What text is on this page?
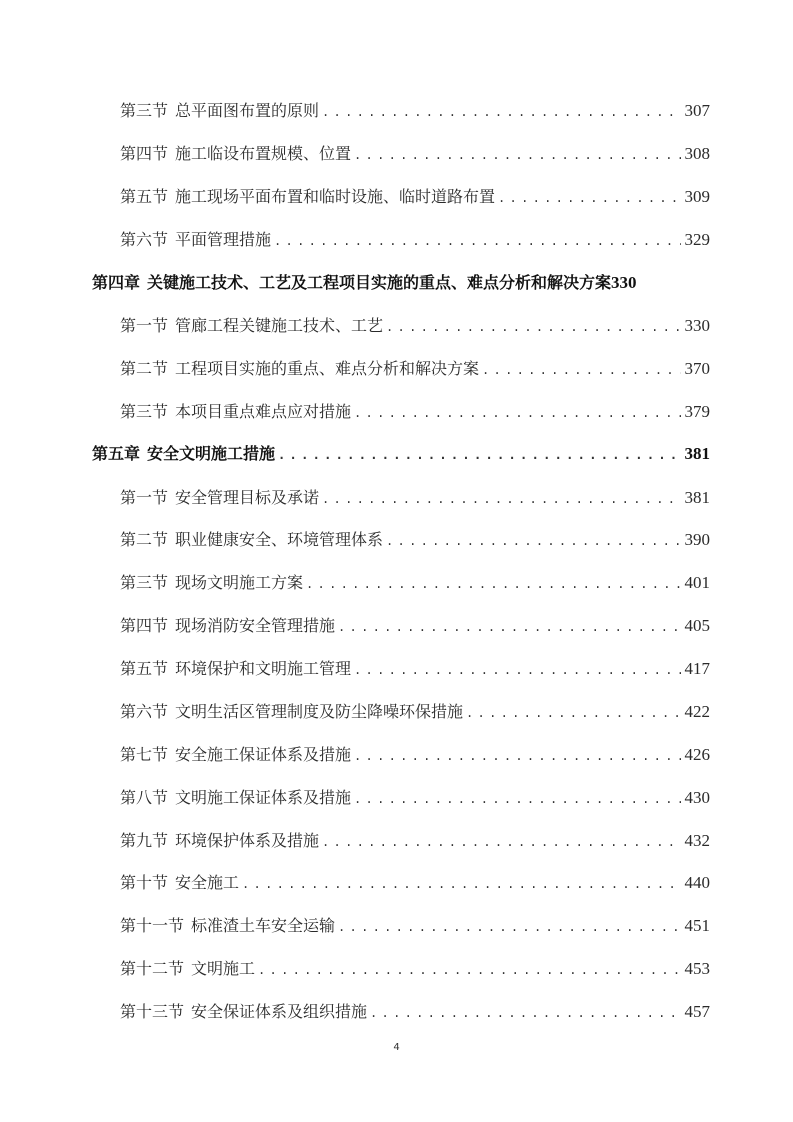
第三节 总平面图布置的原则 .....	307
第四节 施工临设布置规模、位置 .....	308
第五节 施工现场平面布置和临时设施、临时道路布置 .....	309
第六节 平面管理措施 .....	329
第四章 关键施工技术、工艺及工程项目实施的重点、难点分析和解决方案 330
第一节 管廊工程关键施工技术、工艺 .....	330
第二节 工程项目实施的重点、难点分析和解决方案 .....	370
第三节 本项目重点难点应对措施 .....	379
第五章 安全文明施工措施 .....	381
第一节 安全管理目标及承诺 .....	381
第二节 职业健康安全、环境管理体系 .....	390
第三节 现场文明施工方案 .....	401
第四节 现场消防安全管理措施 .....	405
第五节 环境保护和文明施工管理 .....	417
第六节 文明生活区管理制度及防尘降噪环保措施 .....	422
第七节 安全施工保证体系及措施 .....	426
第八节 文明施工保证体系及措施 .....	430
第九节 环境保护体系及措施 .....	432
第十节 安全施工 .....	440
第十一节 标准渣土车安全运输 .....	451
第十二节 文明施工 .....	453
第十三节 安全保证体系及组织措施 .....	457
4
